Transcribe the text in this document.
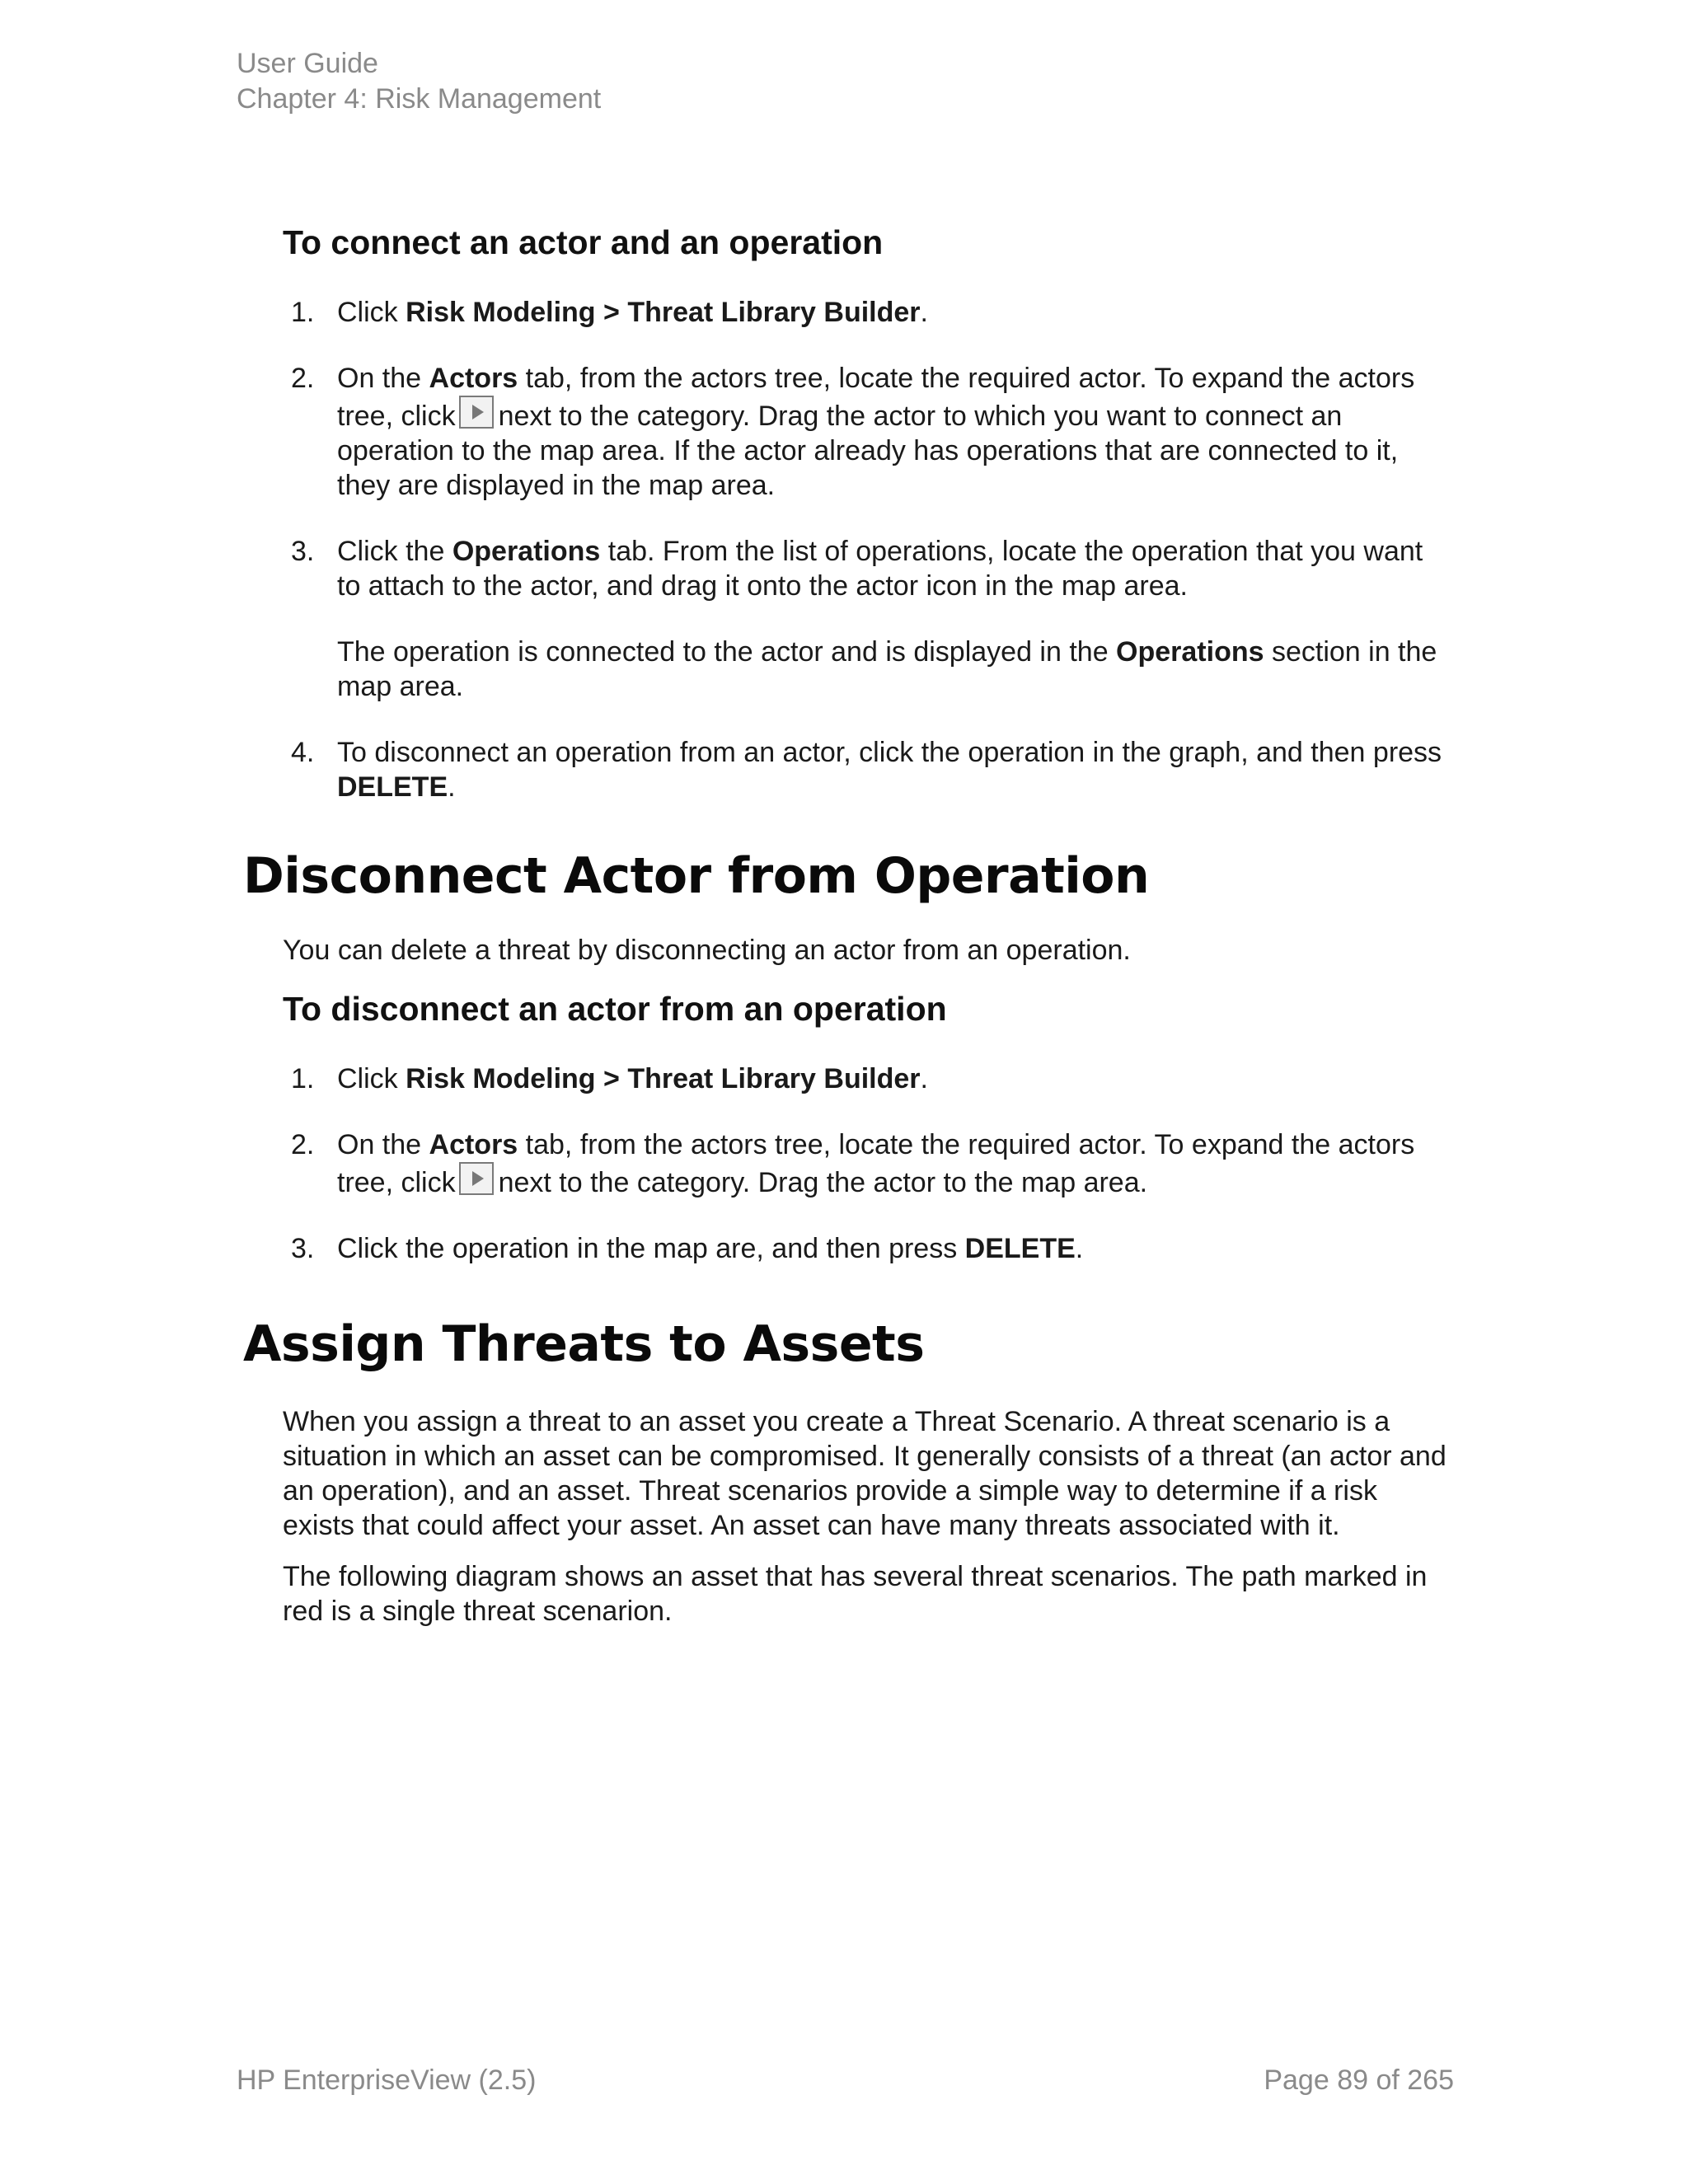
User Guide
Chapter 4: Risk Management
To connect an actor and an operation
1. Click Risk Modeling > Threat Library Builder.

2. On the Actors tab, from the actors tree, locate the required actor. To expand the actors tree, click next to the category. Drag the actor to which you want to connect an operation to the map area. If the actor already has operations that are connected to it, they are displayed in the map area.

3. Click the Operations tab. From the list of operations, locate the operation that you want to attach to the actor, and drag it onto the actor icon in the map area.

The operation is connected to the actor and is displayed in the Operations section in the map area.

4. To disconnect an operation from an actor, click the operation in the graph, and then press DELETE.

Disconnect Actor from Operation

You can delete a threat by disconnecting an actor from an operation.

To disconnect an actor from an operation
1. Click Risk Modeling > Threat Library Builder.

2. On the Actors tab, from the actors tree, locate the required actor. To expand the actors tree, click next to the category. Drag the actor to the map area.

3. Click the operation in the map are, and then press DELETE.

Assign Threats to Assets

When you assign a threat to an asset you create a Threat Scenario. A threat scenario is a situation in which an asset can be compromised. It generally consists of a threat (an actor and an operation), and an asset. Threat scenarios provide a simple way to determine if a risk exists that could affect your asset. An asset can have many threats associated with it.

The following diagram shows an asset that has several threat scenarios. The path marked in red is a single threat scenarion.

HP EnterpriseView (2.5)	Page 89 of 265
